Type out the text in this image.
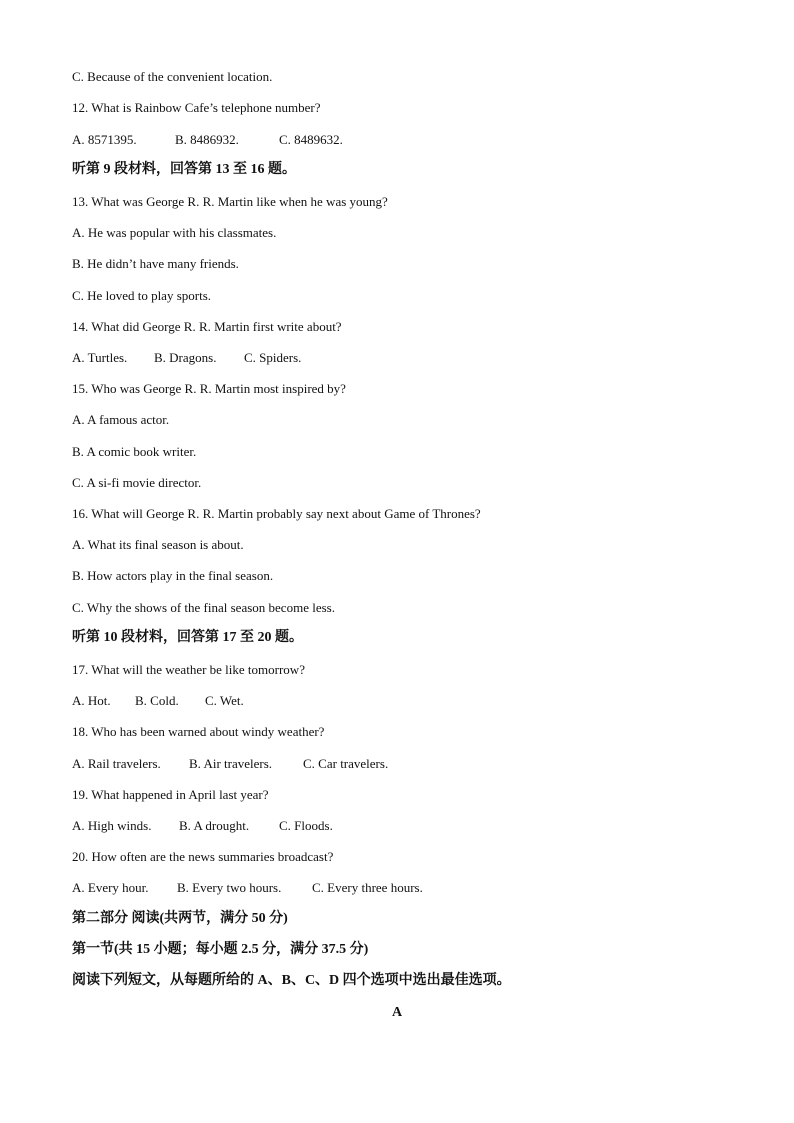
C. Because of the convenient location.
12. What is Rainbow Cafe’s telephone number?
A. 8571395.	B. 8486932.	C. 8489632.
听第 9 段材料，回答第 13 至 16 题。
13. What was George R. R. Martin like when he was young?
A. He was popular with his classmates.
B. He didn’t have many friends.
C. He loved to play sports.
14. What did George R. R. Martin first write about?
A. Turtles. B. Dragons. C. Spiders.
15. Who was George R. R. Martin most inspired by?
A. A famous actor.
B. A comic book writer.
C. A si-fi movie director.
16. What will George R. R. Martin probably say next about Game of Thrones?
A. What its final season is about.
B. How actors play in the final season.
C. Why the shows of the final season become less.
听第 10 段材料，回答第 17 至 20 题。
17. What will the weather be like tomorrow?
A. Hot. B. Cold. C. Wet.
18. Who has been warned about windy weather?
A. Rail travelers. B. Air travelers. C. Car travelers.
19. What happened in April last year?
A. High winds. B. A drought. C. Floods.
20. How often are the news summaries broadcast?
A. Every hour. B. Every two hours. C. Every three hours.
第二部分 阅读(共两节，满分 50 分)
第一节(共 15 小题；每小题 2.5 分，满分 37.5 分)
阅读下列短文，从每题所给的 A、B、C、D 四个选项中选出最佳选项。
A
